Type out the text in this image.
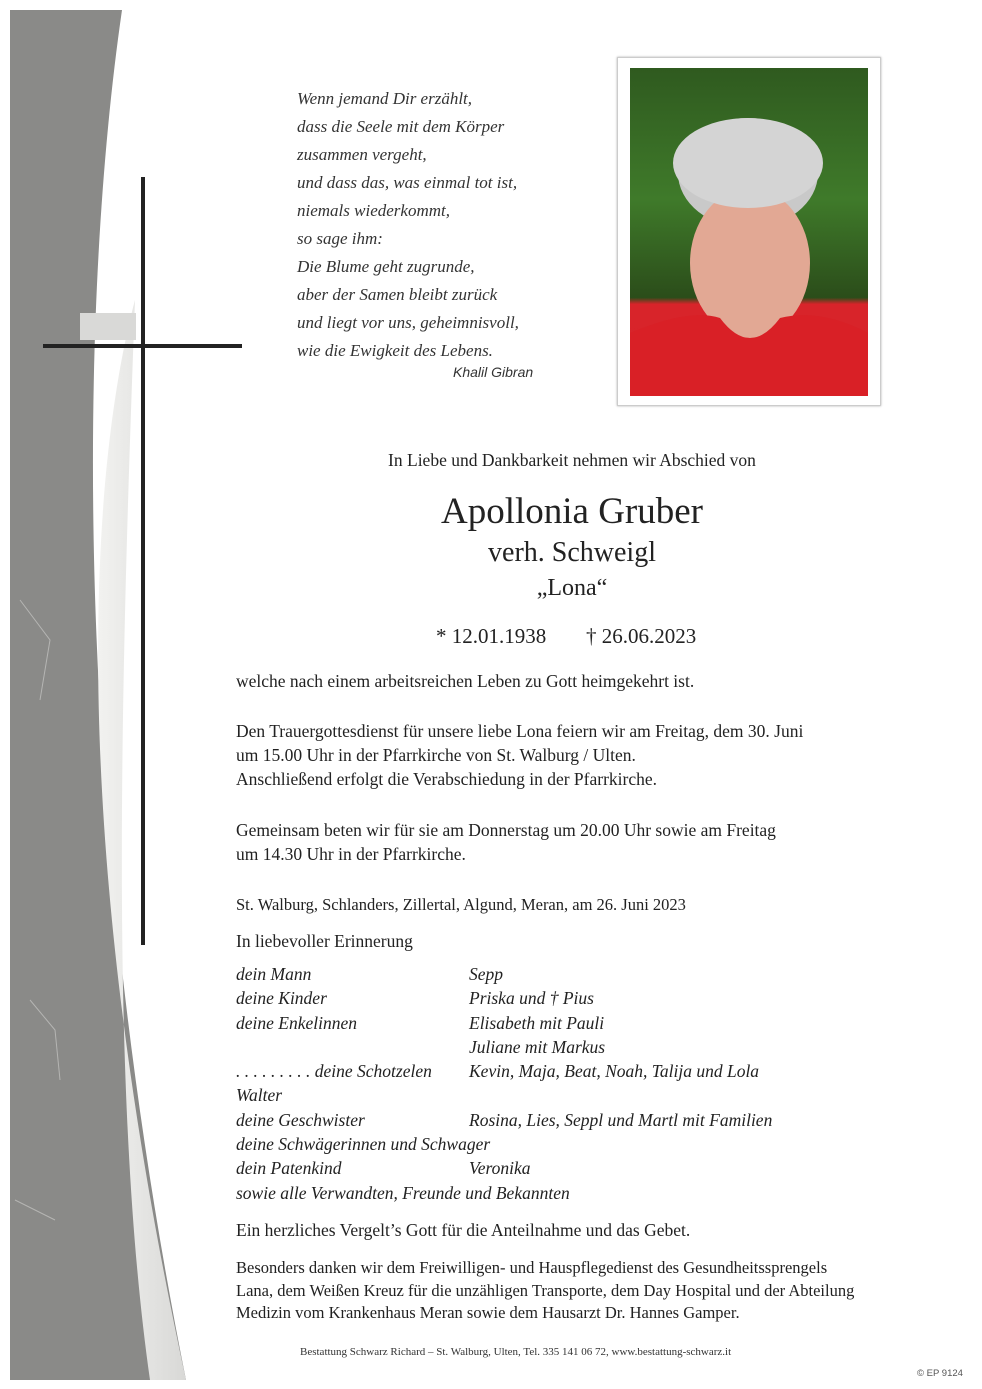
Wenn jemand Dir erzählt,
dass die Seele mit dem Körper
zusammen vergeht,
und dass das, was einmal tot ist,
niemals wiederkommt,
so sage ihm:
Die Blume geht zugrunde,
aber der Samen bleibt zurück
und liegt vor uns, geheimnisvoll,
wie die Ewigkeit des Lebens.
Khalil Gibran
In Liebe und Dankbarkeit nehmen wir Abschied von
Apollonia Gruber
verh. Schweigl
„Lona“
* 12.01.1938 † 26.06.2023
welche nach einem arbeitsreichen Leben zu Gott heimgekehrt ist.
Den Trauergottesdienst für unsere liebe Lona feiern wir am Freitag, dem 30. Juni
um 15.00 Uhr in der Pfarrkirche von St. Walburg / Ulten.
Anschließend erfolgt die Verabschiedung in der Pfarrkirche.
Gemeinsam beten wir für sie am Donnerstag um 20.00 Uhr sowie am Freitag
um 14.30 Uhr in der Pfarrkirche.
St. Walburg, Schlanders, Zillertal, Algund, Meran, am 26. Juni 2023
In liebevoller Erinnerung
dein Mann	Sepp
deine Kinder	Priska und † Pius
deine Enkelinnen	Elisabeth mit Pauli
Juliane mit Markus
. . . . . . . . . deine Schotzelen	Kevin, Maja, Beat, Noah, Talija und Lola
Walter
deine Geschwister	Rosina, Lies, Seppl und Martl mit Familien
deine Schwägerinnen und Schwager
dein Patenkind	Veronika
sowie alle Verwandten, Freunde und Bekannten
Ein herzliches Vergelt’s Gott für die Anteilnahme und das Gebet.
Besonders danken wir dem Freiwilligen- und Hauspflegedienst des Gesundheitssprengels
Lana, dem Weißen Kreuz für die unzähligen Transporte, dem Day Hospital und der Abteilung
Medizin vom Krankenhaus Meran sowie dem Hausarzt Dr. Hannes Gamper.
Bestattung Schwarz Richard – St. Walburg, Ulten, Tel. 335 141 06 72, www.bestattung-schwarz.it
© EP 9124
